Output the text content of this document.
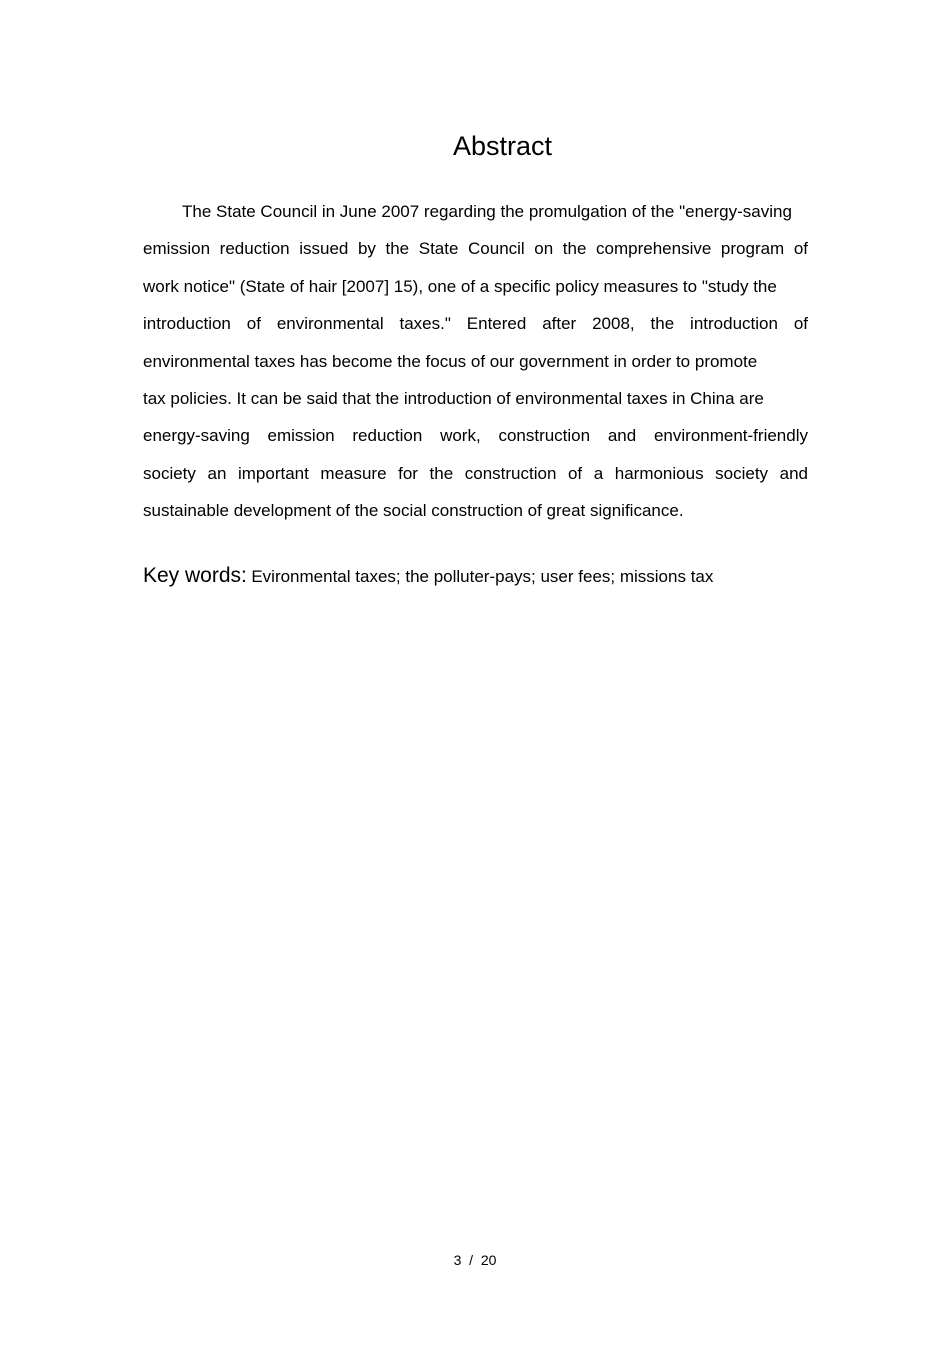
Abstract
The State Council in June 2007 regarding the promulgation of the "energy-saving
emission reduction issued by the State Council on the comprehensive program of
work notice" (State of hair [2007] 15), one of a specific policy measures to "study the
introduction of environmental taxes." Entered after 2008, the introduction of
environmental taxes has become the focus of our government in order to promote
tax policies. It can be said that the introduction of environmental taxes in China are
energy-saving emission reduction work, construction and environment-friendly
society an important measure for the construction of a harmonious society and
sustainable development of the social construction of great significance.
Key words: Evironmental taxes; the polluter-pays; user fees; missions tax
3  /  20
